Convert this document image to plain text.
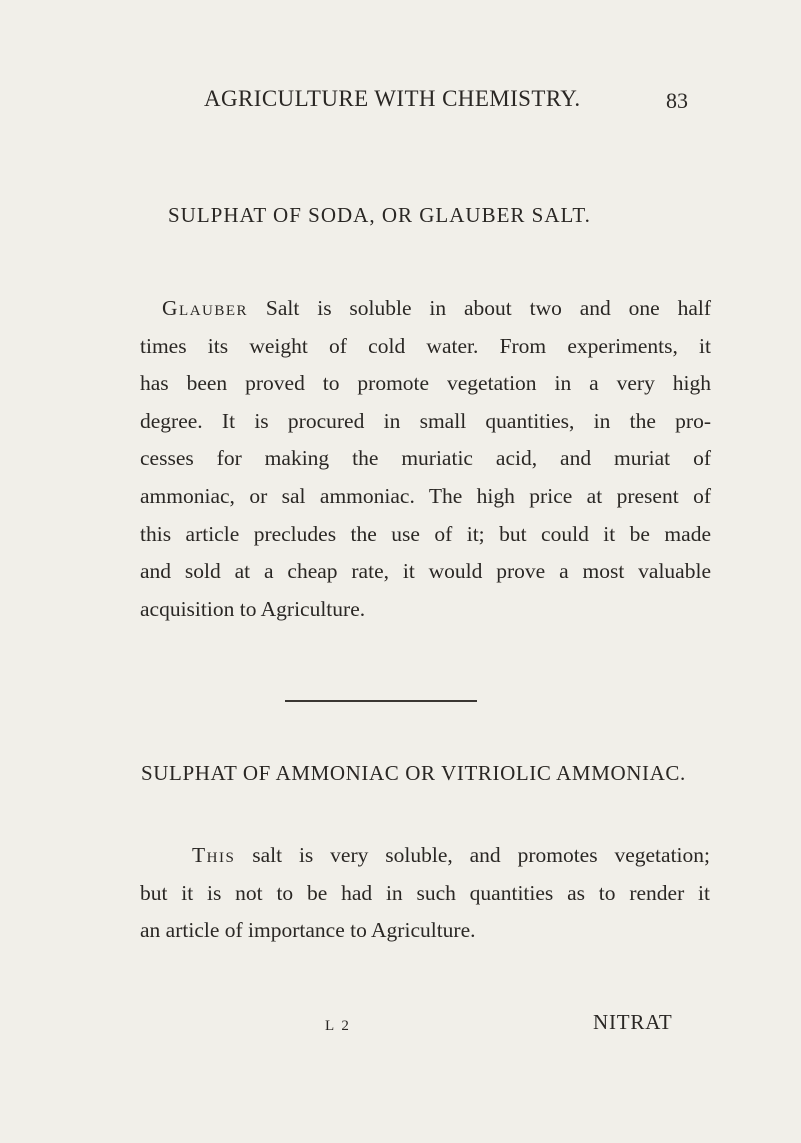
AGRICULTURE WITH CHEMISTRY.	83
SULPHAT OF SODA, OR GLAUBER SALT.
Glauber Salt is soluble in about two and one half
times its weight of cold water. From experiments, it
has been proved to promote vegetation in a very high
degree. It is procured in small quantities, in the pro-
cesses for making the muriatic acid, and muriat of
ammoniac, or sal ammoniac. The high price at present of
this article precludes the use of it; but could it be made
and sold at a cheap rate, it would prove a most valuable
acquisition to Agriculture.
SULPHAT OF AMMONIAC OR VITRIOLIC AMMONIAC.
This salt is very soluble, and promotes vegetation;
but it is not to be had in such quantities as to render it
an article of importance to Agriculture.
L 2	NITRAT
